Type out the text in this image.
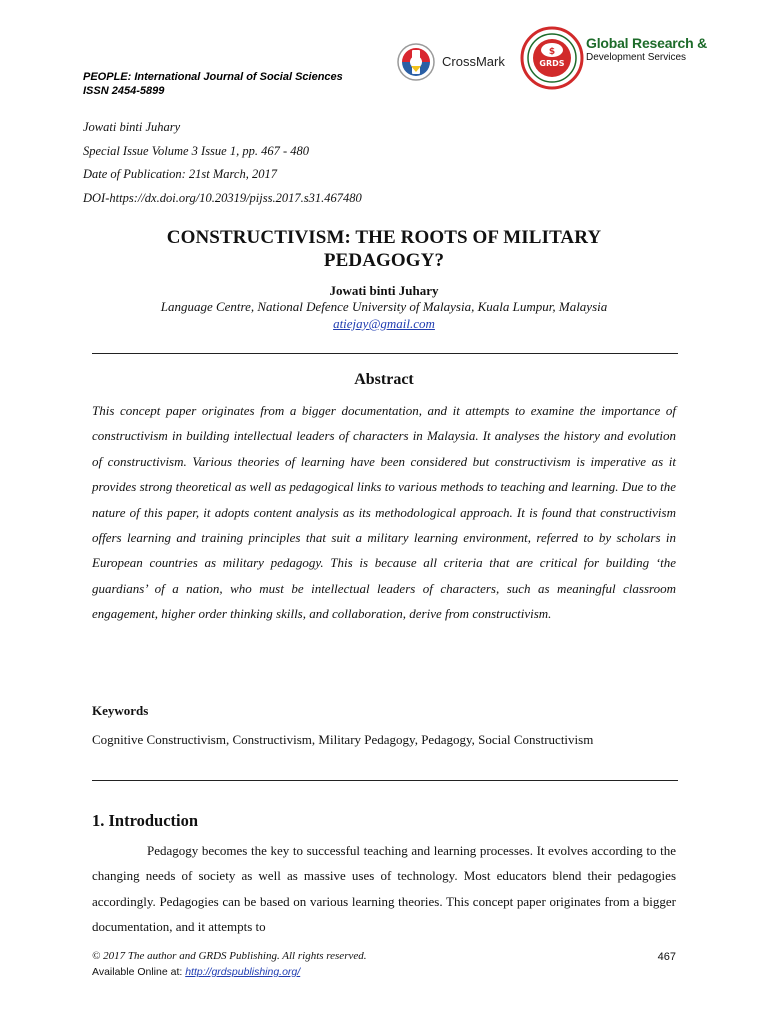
PEOPLE: International Journal of Social Sciences
ISSN 2454-5899
CrossMark
$
GRDS
Global Research &
Development Services
Jowati binti Juhary
Special Issue Volume 3 Issue 1, pp. 467 - 480
Date of Publication: 21st March, 2017
DOI-https://dx.doi.org/10.20319/pijss.2017.s31.467480
CONSTRUCTIVISM: THE ROOTS OF MILITARY
PEDAGOGY?
Jowati binti Juhary
Language Centre, National Defence University of Malaysia, Kuala Lumpur, Malaysia
atiejay@gmail.com
Abstract
This concept paper originates from a bigger documentation, and it attempts to examine the importance of constructivism in building intellectual leaders of characters in Malaysia. It analyses the history and evolution of constructivism. Various theories of learning have been considered but constructivism is imperative as it provides strong theoretical as well as pedagogical links to various methods to teaching and learning. Due to the nature of this paper, it adopts content analysis as its methodological approach. It is found that constructivism offers learning and training principles that suit a military learning environment, referred to by scholars in European countries as military pedagogy. This is because all criteria that are critical for building ‘the guardians’ of a nation, who must be intellectual leaders of characters, such as meaningful classroom engagement, higher order thinking skills, and collaboration, derive from constructivism.
Keywords
Cognitive Constructivism, Constructivism, Military Pedagogy, Pedagogy, Social Constructivism
1. Introduction
Pedagogy becomes the key to successful teaching and learning processes. It evolves according to the changing needs of society as well as massive uses of technology. Most educators blend their pedagogies accordingly. Pedagogies can be based on various learning theories. This concept paper originates from a bigger documentation, and it attempts to
© 2017 The author and GRDS Publishing. All rights reserved.
Available Online at: http://grdspublishing.org/
467
